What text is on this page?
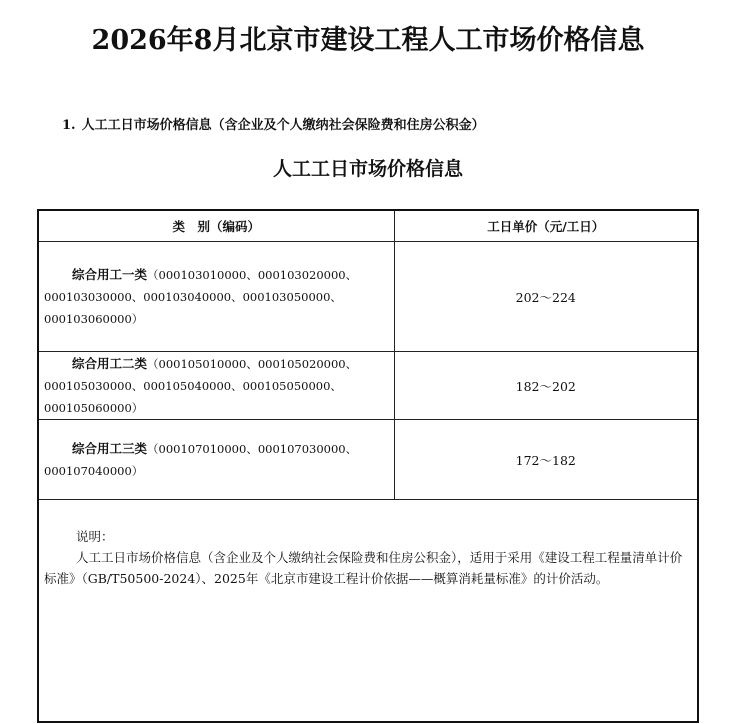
2026年8月北京市建设工程人工市场价格信息
1. 人工工日市场价格信息（含企业及个人缴纳社会保险费和住房公积金）
人工工日市场价格信息
类　别（编码）	工日单价（元/工日）
综合用工一类（000103010000、000103020000、000103030000、000103040000、000103050000、000103060000）	202～224
综合用工二类（000105010000、000105020000、000105030000、000105040000、000105050000、000105060000）	182～202
综合用工三类（000107010000、000107030000、000107040000）	172～182

说明：
人工工日市场价格信息（含企业及个人缴纳社会保险费和住房公积金），适用于采用《建设工程工程量清单计价标准》（GB/T50500-2024）、2025年《北京市建设工程计价依据——概算消耗量标准》的计价活动。	
